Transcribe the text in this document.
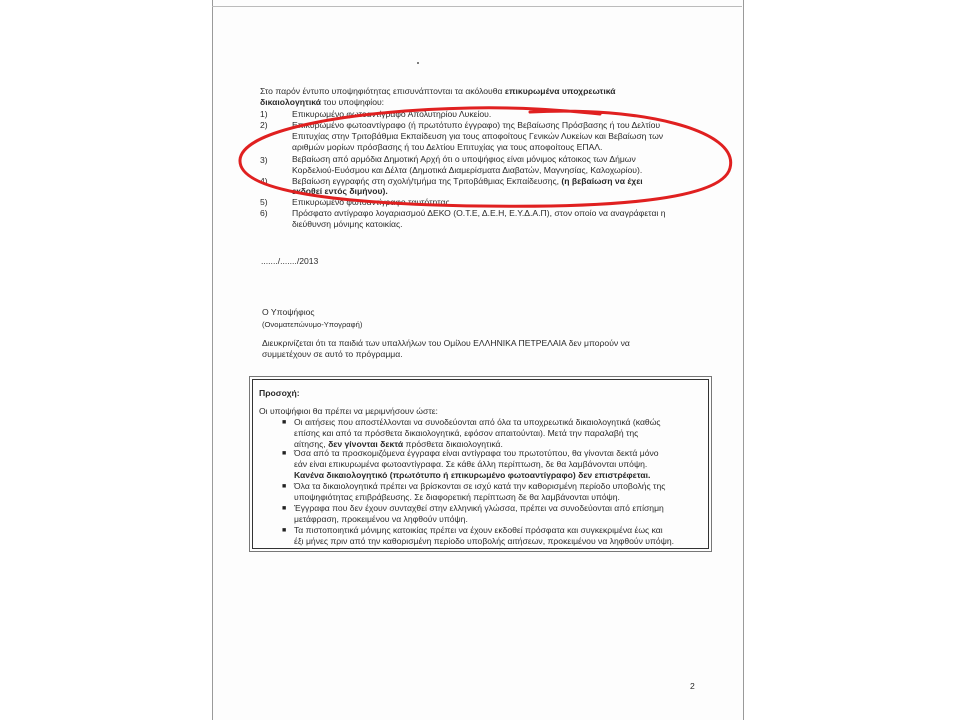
Στο παρόν έντυπο υποψηφιότητας επισυνάπτονται τα ακόλουθα επικυρωμένα υποχρεωτικά
δικαιολογητικά του υποψηφίου:
1)	Επικυρωμένο φωτοαντίγραφο Απολυτηρίου Λυκείου.
2)	Επικυρωμένο φωτοαντίγραφο (ή πρωτότυπο έγγραφο) της Βεβαίωσης Πρόσβασης ή του Δελτίου
Επιτυχίας στην Τριτοβάθμια Εκπαίδευση για τους αποφοίτους Γενικών Λυκείων και Βεβαίωση των
αριθμών μορίων πρόσβασης ή του Δελτίου Επιτυχίας για τους αποφοίτους ΕΠΑΛ.
3)	Βεβαίωση από αρμόδια Δημοτική Αρχή ότι ο υποψήφιος είναι μόνιμος κάτοικος των Δήμων
Κορδελιού-Ευόσμου και Δέλτα (Δημοτικά Διαμερίσματα Διαβατών, Μαγνησίας, Καλοχωρίου).
4)	Βεβαίωση εγγραφής στη σχολή/τμήμα της Τριτοβάθμιας Εκπαίδευσης, (η βεβαίωση να έχει
εκδοθεί εντός διμήνου).
5)	Επικυρωμένο φωτοαντίγραφο ταυτότητας.
6)	Πρόσφατο αντίγραφο λογαριασμού ΔΕΚΟ (Ο.Τ.Ε, Δ.Ε.Η, Ε.Υ.Δ.Α.Π), στον οποίο να αναγράφεται η
διεύθυνση μόνιμης κατοικίας.
......./......./2013
Ο Υποψήφιος
(Ονοματεπώνυμο-Υπογραφή)
Διευκρινίζεται ότι τα παιδιά των υπαλλήλων του Ομίλου ΕΛΛΗΝΙΚΑ ΠΕΤΡΕΛΑΙΑ δεν μπορούν να
συμμετέχουν σε αυτό το πρόγραμμα.
Προσοχή:
Οι υποψήφιοι θα πρέπει να μεριμνήσουν ώστε:
■ Οι αιτήσεις που αποστέλλονται να συνοδεύονται από όλα τα υποχρεωτικά δικαιολογητικά (καθώς
επίσης και από τα πρόσθετα δικαιολογητικά, εφόσον απαιτούνται). Μετά την παραλαβή της
αίτησης, δεν γίνονται δεκτά πρόσθετα δικαιολογητικά.
■ Όσα από τα προσκομιζόμενα έγγραφα είναι αντίγραφα του πρωτοτύπου, θα γίνονται δεκτά μόνο
εάν είναι επικυρωμένα φωτοαντίγραφα. Σε κάθε άλλη περίπτωση, δε θα λαμβάνονται υπόψη.
Κανένα δικαιολογητικό (πρωτότυπο ή επικυρωμένο φωτοαντίγραφο) δεν επιστρέφεται.
■ Όλα τα δικαιολογητικά πρέπει να βρίσκονται σε ισχύ κατά την καθορισμένη περίοδο υποβολής της
υποψηφιότητας επιβράβευσης. Σε διαφορετική περίπτωση δε θα λαμβάνονται υπόψη.
■ Έγγραφα που δεν έχουν συνταχθεί στην ελληνική γλώσσα, πρέπει να συνοδεύονται από επίσημη
μετάφραση, προκειμένου να ληφθούν υπόψη.
■ Τα πιστοποιητικά μόνιμης κατοικίας πρέπει να έχουν εκδοθεί πρόσφατα και συγκεκριμένα έως και
έξι μήνες πριν από την καθορισμένη περίοδο υποβολής αιτήσεων, προκειμένου να ληφθούν υπόψη.
2
